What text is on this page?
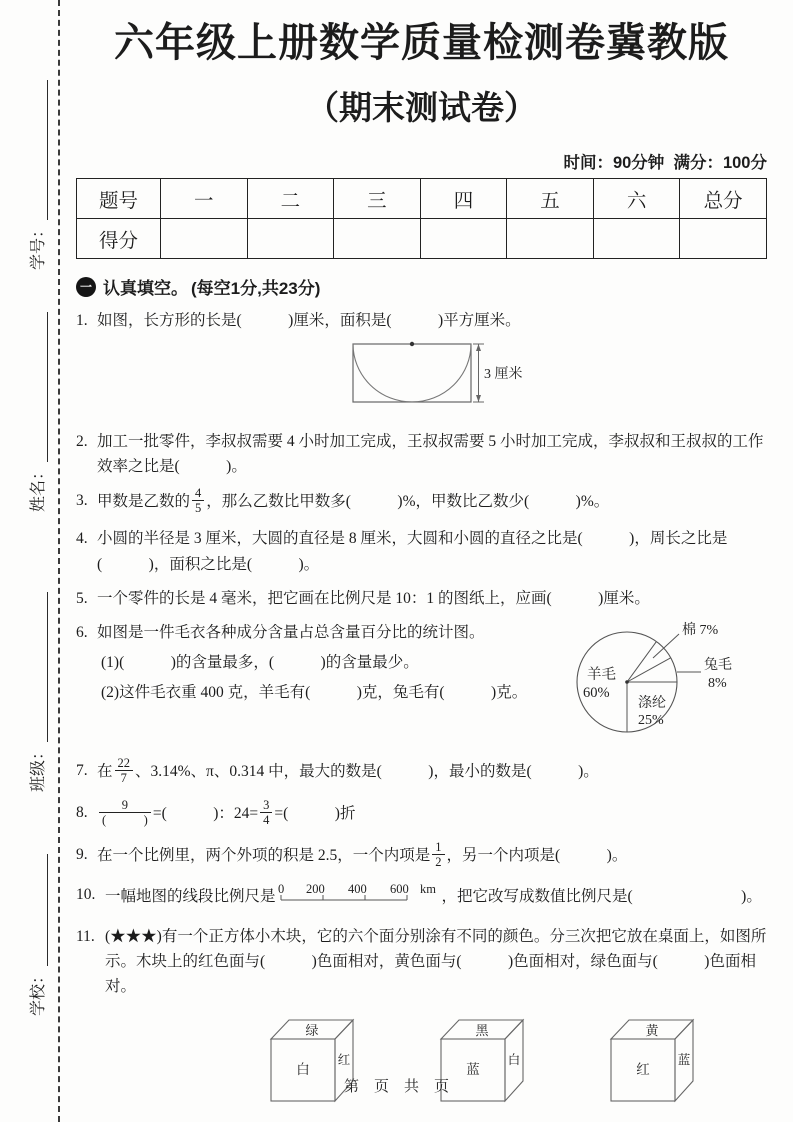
学号：
姓名：
班级：
学校：
六年级上册数学质量检测卷冀教版
（期末测试卷）
时间：90分钟  满分：100分
题号	一	二	三	四	五	六	总分
得分							
一 认真填空。 (每空1分,共23分)
1. 如图，长方形的长是(　　　)厘米，面积是(　　　)平方厘米。
3 厘米
2. 加工一批零件，李叔叔需要 4 小时加工完成，王叔叔需要 5 小时加工完成，李叔叔和王叔叔的工作效率之比是(　　　)。
3. 甲数是乙数的 $\frac{4}{5}$ ，那么乙数比甲数多(　　　)%，甲数比乙数少(　　　)%。
4. 小圆的半径是 3 厘米，大圆的直径是 8 厘米，大圆和小圆的直径之比是(　　　)，周长之比是(　　　)，面积之比是(　　　)。
5. 一个零件的长是 4 毫米，把它画在比例尺是 10：1 的图纸上，应画(　　　)厘米。
6. 如图是一件毛衣各种成分含量占总含量百分比的统计图。
(1)(　　　)的含量最多，(　　　)的含量最少。
(2)这件毛衣重 400 克，羊毛有(　　　)克，兔毛有(　　　)克。
棉 7%
兔毛
8%
羊毛
60%
涤纶
25%
7. 在 $\frac{22}{7}$ 、3.14%、π、0.314 中，最大的数是(　　　)，最小的数是(　　　)。
8. $\frac{9}{( )}$ =(　　　)：$24= \frac{3}{4}$ =(　　　)折
9. 在一个比例里，两个外项的积是 2.5，一个内项是 $\frac{1}{2}$ ，另一个内项是(　　　)。
10. 一幅地图的线段比例尺是 0 200 400 600 km ，把它改写成数值比例尺是(　　　　　　　)。
11. (★★★)有一个正方体小木块，它的六个面分别涂有不同的颜色。分三次把它放在桌面上，如图所示。木块上的红色面与(　　　)色面相对，黄色面与(　　　)色面相对，绿色面与(　　　)色面相对。
绿
白
红
黑
蓝
白
黄
红
蓝
第　页　共　页
